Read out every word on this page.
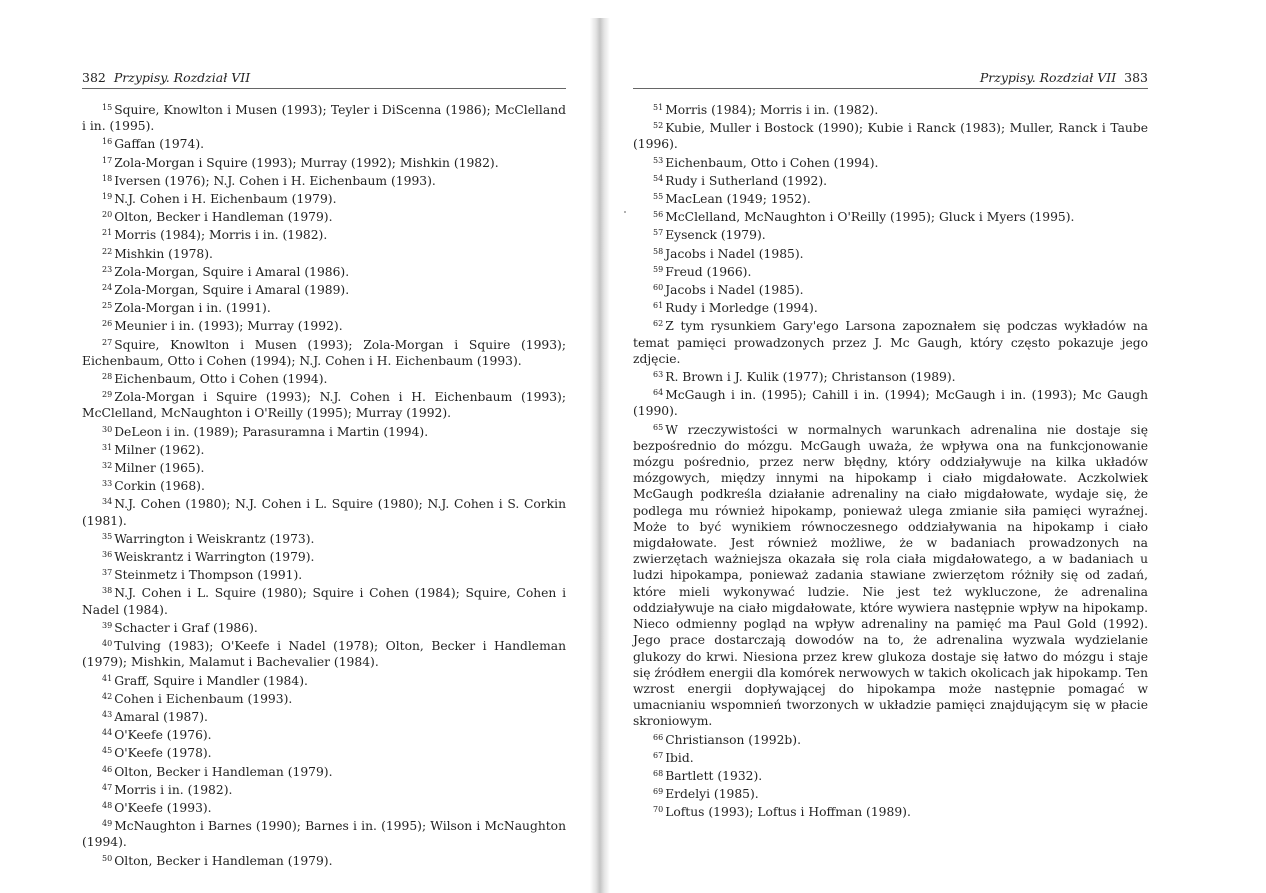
382 Przypisy. Rozdział VII

$^{15}$ Squire, Knowlton i Musen (1993); Teyler i DiScenna (1986); McClelland i in. (1995).

$^{16}$ Gaffan (1974).

$^{17}$ Zola-Morgan i Squire (1993); Murray (1992); Mishkin (1982).

$^{18}$ Iversen (1976); N.J. Cohen i H. Eichenbaum (1993).

$^{19}$ N.J. Cohen i H. Eichenbaum (1979).

$^{20}$ Olton, Becker i Handleman (1979).

$^{21}$ Morris (1984); Morris i in. (1982).

$^{22}$ Mishkin (1978).

$^{23}$ Zola-Morgan, Squire i Amaral (1986).

$^{24}$ Zola-Morgan, Squire i Amaral (1989).

$^{25}$ Zola-Morgan i in. (1991).

$^{26}$ Meunier i in. (1993); Murray (1992).

$^{27}$ Squire, Knowlton i Musen (1993); Zola-Morgan i Squire (1993); Eichenbaum, Otto i Cohen (1994); N.J. Cohen i H. Eichenbaum (1993).

$^{28}$ Eichenbaum, Otto i Cohen (1994).

$^{29}$ Zola-Morgan i Squire (1993); N.J. Cohen i H. Eichenbaum (1993); McClelland, McNaughton i O'Reilly (1995); Murray (1992).

$^{30}$ DeLeon i in. (1989); Parasuramna i Martin (1994).

$^{31}$ Milner (1962).

$^{32}$ Milner (1965).

$^{33}$ Corkin (1968).

$^{34}$ N.J. Cohen (1980); N.J. Cohen i L. Squire (1980); N.J. Cohen i S. Corkin (1981).

$^{35}$ Warrington i Weiskrantz (1973).

$^{36}$ Weiskrantz i Warrington (1979).

$^{37}$ Steinmetz i Thompson (1991).

$^{38}$ N.J. Cohen i L. Squire (1980); Squire i Cohen (1984); Squire, Cohen i Nadel (1984).

$^{39}$ Schacter i Graf (1986).

$^{40}$ Tulving (1983); O'Keefe i Nadel (1978); Olton, Becker i Handleman (1979); Mishkin, Malamut i Bachevalier (1984).

$^{41}$ Graff, Squire i Mandler (1984).

$^{42}$ Cohen i Eichenbaum (1993).

$^{43}$ Amaral (1987).

$^{44}$ O'Keefe (1976).

$^{45}$ O'Keefe (1978).

$^{46}$ Olton, Becker i Handleman (1979).

$^{47}$ Morris i in. (1982).

$^{48}$ O'Keefe (1993).

$^{49}$ McNaughton i Barnes (1990); Barnes i in. (1995); Wilson i McNaughton (1994).

$^{50}$ Olton, Becker i Handleman (1979).

Przypisy. Rozdział VII 383

$^{51}$ Morris (1984); Morris i in. (1982).

$^{52}$ Kubie, Muller i Bostock (1990); Kubie i Ranck (1983); Muller, Ranck i Taube (1996).

$^{53}$ Eichenbaum, Otto i Cohen (1994).

$^{54}$ Rudy i Sutherland (1992).

$^{55}$ MacLean (1949; 1952).

$^{56}$ McClelland, McNaughton i O'Reilly (1995); Gluck i Myers (1995).

$^{57}$ Eysenck (1979).

$^{58}$ Jacobs i Nadel (1985).

$^{59}$ Freud (1966).

$^{60}$ Jacobs i Nadel (1985).

$^{61}$ Rudy i Morledge (1994).

$^{62}$ Z tym rysunkiem Gary'ego Larsona zapoznałem się podczas wykładów na temat pamięci prowadzonych przez J. Mc Gaugh, który często pokazuje jego zdjęcie.

$^{63}$ R. Brown i J. Kulik (1977); Christanson (1989).

$^{64}$ McGaugh i in. (1995); Cahill i in. (1994); McGaugh i in. (1993); Mc Gaugh (1990).

$^{65}$ W rzeczywistości w normalnych warunkach adrenalina nie dostaje się bezpośrednio do mózgu. McGaugh uważa, że wpływa ona na funkcjonowanie mózgu pośrednio, przez nerw błędny, który oddziaływuje na kilka układów mózgowych, między innymi na hipokamp i ciało migdałowate. Aczkolwiek McGaugh podkreśla działanie adrenaliny na ciało migdałowate, wydaje się, że podlega mu również hipokamp, ponieważ ulega zmianie siła pamięci wyraźnej. Może to być wynikiem równoczesnego oddziaływania na hipokamp i ciało migdałowate. Jest również możliwe, że w badaniach prowadzonych na zwierzętach ważniejsza okazała się rola ciała migdałowatego, a w badaniach u ludzi hipokampa, ponieważ zadania stawiane zwierzętom różniły się od zadań, które mieli wykonywać ludzie. Nie jest też wykluczone, że adrenalina oddziaływuje na ciało migdałowate, które wywiera następnie wpływ na hipokamp. Nieco odmienny pogląd na wpływ adrenaliny na pamięć ma Paul Gold (1992). Jego prace dostarczają dowodów na to, że adrenalina wyzwala wydzielanie glukozy do krwi. Niesiona przez krew glukoza dostaje się łatwo do mózgu i staje się źródłem energii dla komórek nerwowych w takich okolicach jak hipokamp. Ten wzrost energii dopływającej do hipokampa może następnie pomagać w umacnianiu wspomnień tworzonych w układzie pamięci znajdującym się w płacie skroniowym.

$^{66}$ Christianson (1992b).

$^{67}$ Ibid.

$^{68}$ Bartlett (1932).

$^{69}$ Erdelyi (1985).

$^{70}$ Loftus (1993); Loftus i Hoffman (1989).
